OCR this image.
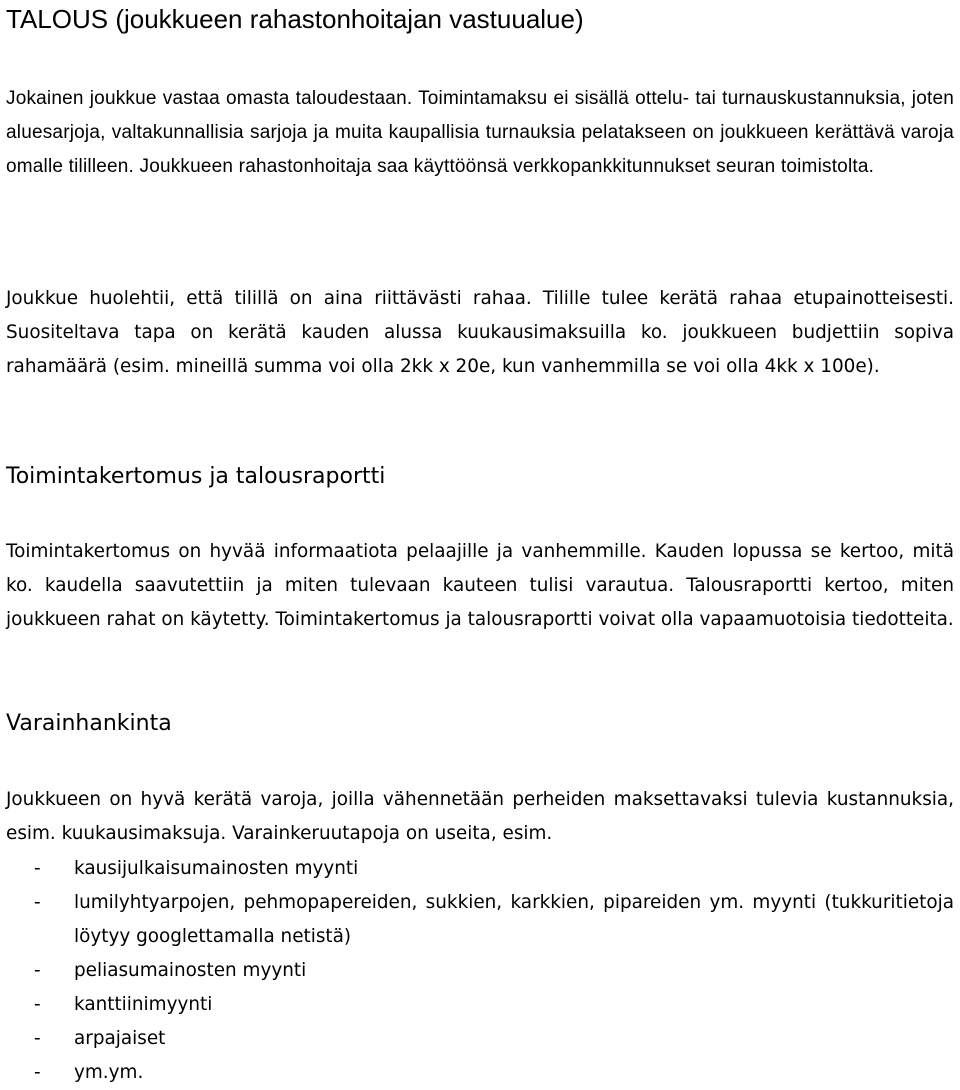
TALOUS (joukkueen rahastonhoitajan vastuualue)

Jokainen joukkue vastaa omasta taloudestaan. Toimintamaksu ei sisällä ottelu- tai turnauskustannuksia, joten aluesarjoja, valtakunnallisia sarjoja ja muita kaupallisia turnauksia pelatakseen on joukkueen kerättävä varoja omalle tililleen. Joukkueen rahastonhoitaja saa käyttöönsä verkkopankkitunnukset seuran toimistolta.

Joukkue huolehtii, että tilillä on aina riittävästi rahaa. Tilille tulee kerätä rahaa etupainotteisesti. Suositeltava tapa on kerätä kauden alussa kuukausimaksuilla ko. joukkueen budjettiin sopiva rahamäärä (esim. mineillä summa voi olla 2kk x 20e, kun vanhemmilla se voi olla 4kk x 100e).

Toimintakertomus ja talousraportti

Toimintakertomus on hyvää informaatiota pelaajille ja vanhemmille. Kauden lopussa se kertoo, mitä ko. kaudella saavutettiin ja miten tulevaan kauteen tulisi varautua. Talousraportti kertoo, miten joukkueen rahat on käytetty. Toimintakertomus ja talousraportti voivat olla vapaamuotoisia tiedotteita.

Varainhankinta

Joukkueen on hyvä kerätä varoja, joilla vähennetään perheiden maksettavaksi tulevia kustannuksia, esim. kuukausimaksuja. Varainkeruutapoja on useita, esim.

- kausijulkaisumainosten myynti
- lumilyhtyarpojen, pehmopapereiden, sukkien, karkkien, pipareiden ym. myynti (tukkuritietoja löytyy googlettamalla netistä)
- peliasumainosten myynti
- kanttiinimyynti
- arpajaiset
- ym.ym.
